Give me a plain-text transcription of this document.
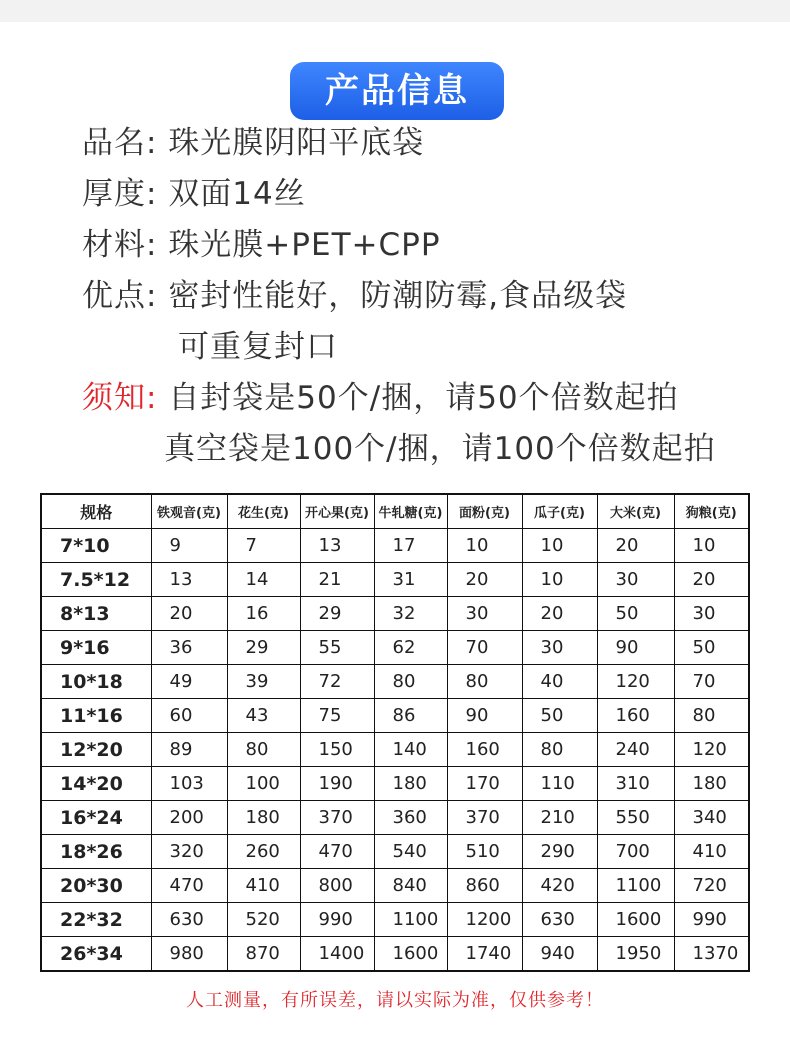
产品信息
品名: 珠光膜阴阳平底袋
厚度: 双面14丝
材料: 珠光膜+PET+CPP
优点: 密封性能好，防潮防霉,食品级袋
可重复封口
须知: 自封袋是50个/捆，请50个倍数起拍
真空袋是100个/捆，请100个倍数起拍
规格	铁观音(克)	花生(克)	开心果(克)	牛轧糖(克)	面粉(克)	瓜子(克)	大米(克)	狗粮(克)
7*10	9	7	13	17	10	10	20	10
7.5*12	13	14	21	31	20	10	30	20
8*13	20	16	29	32	30	20	50	30
9*16	36	29	55	62	70	30	90	50
10*18	49	39	72	80	80	40	120	70
11*16	60	43	75	86	90	50	160	80
12*20	89	80	150	140	160	80	240	120
14*20	103	100	190	180	170	110	310	180
16*24	200	180	370	360	370	210	550	340
18*26	320	260	470	540	510	290	700	410
20*30	470	410	800	840	860	420	1100	720
22*32	630	520	990	1100	1200	630	1600	990
26*34	980	870	1400	1600	1740	940	1950	1370
人工测量，有所误差，请以实际为准，仅供参考！
